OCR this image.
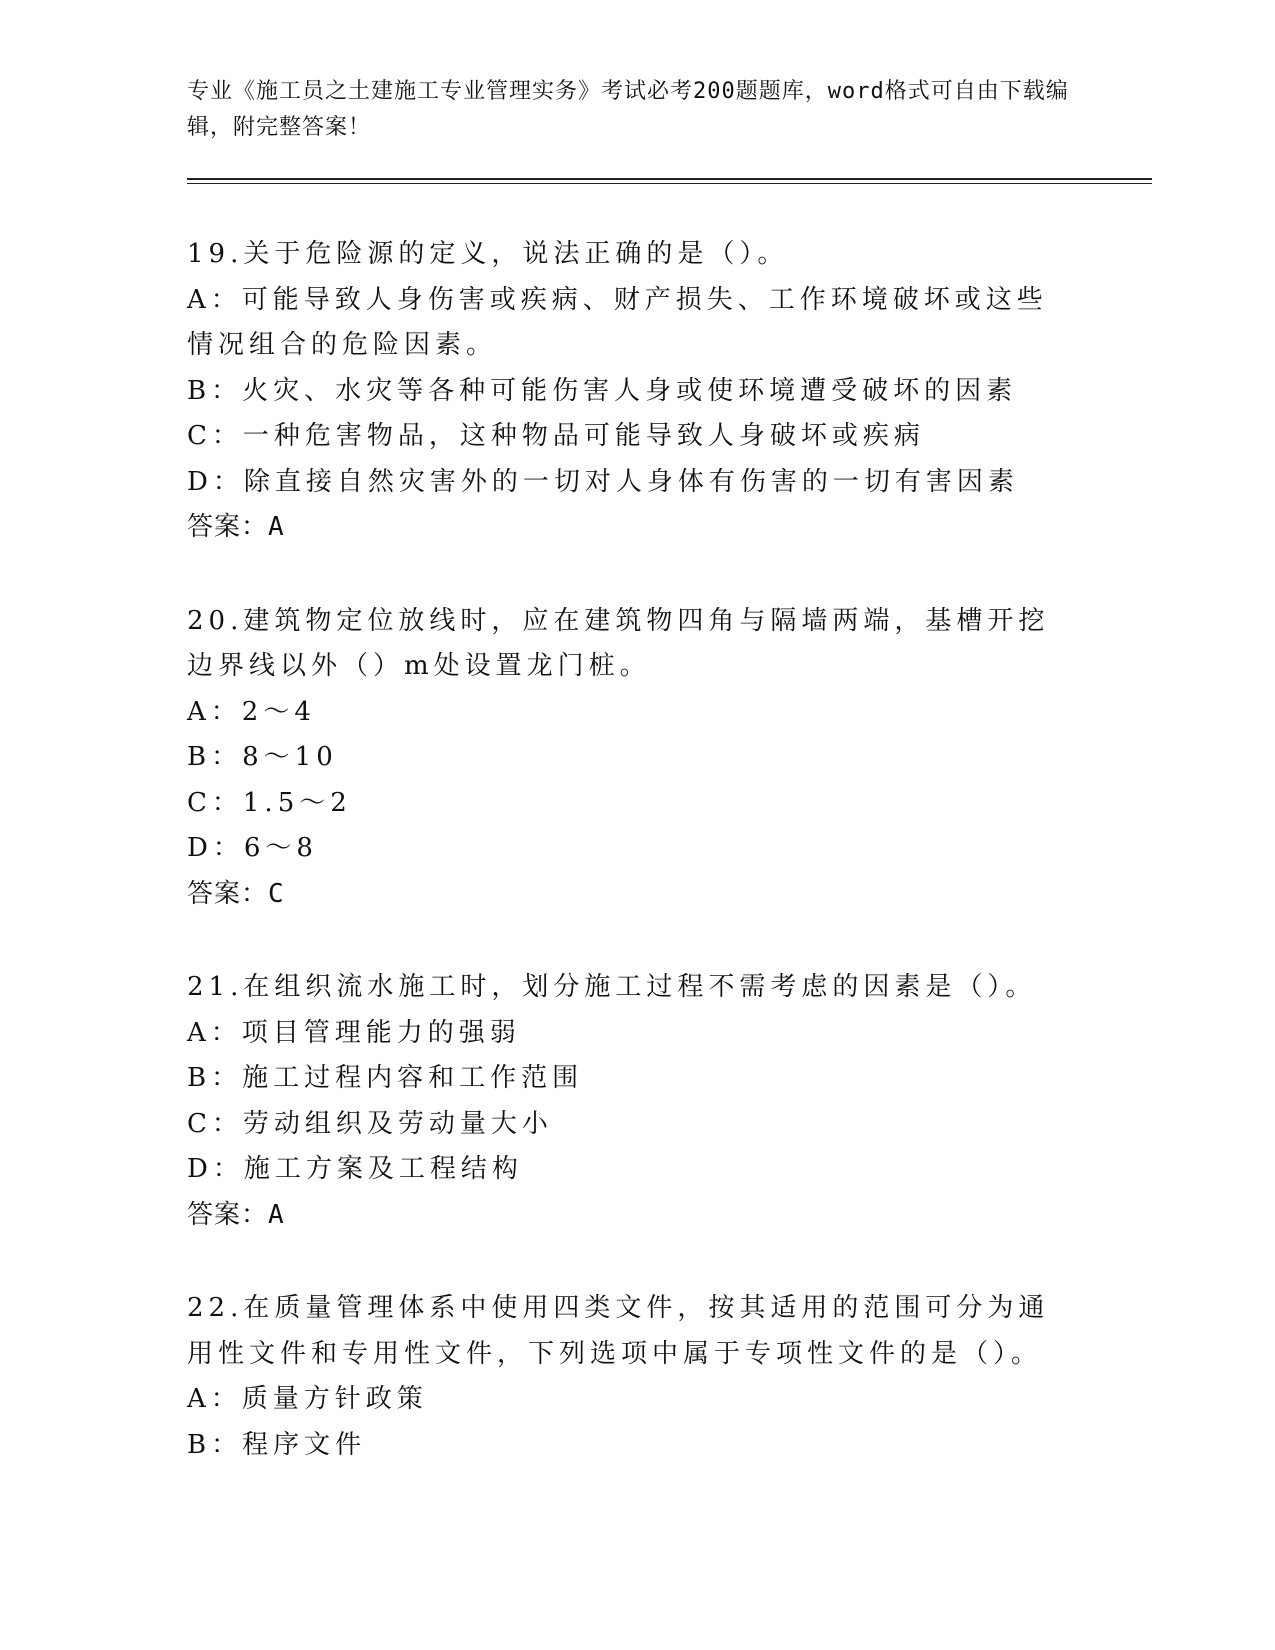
专业《施工员之土建施工专业管理实务》考试必考200题题库，word格式可自由下载编辑，附完整答案！

19.关于危险源的定义，说法正确的是（）。

A：可能导致人身伤害或疾病、财产损失、工作环境破坏或这些情况组合的危险因素。

B：火灾、水灾等各种可能伤害人身或使环境遭受破坏的因素

C：一种危害物品，这种物品可能导致人身破坏或疾病

D：除直接自然灾害外的一切对人身体有伤害的一切有害因素

答案：A

20.建筑物定位放线时，应在建筑物四角与隔墙两端，基槽开挖边界线以外（）m处设置龙门桩。

A：2～4

B：8～10

C：1.5～2

D：6～8

答案：C

21.在组织流水施工时，划分施工过程不需考虑的因素是（）。

A：项目管理能力的强弱

B：施工过程内容和工作范围

C：劳动组织及劳动量大小

D：施工方案及工程结构

答案：A

22.在质量管理体系中使用四类文件，按其适用的范围可分为通用性文件和专用性文件，下列选项中属于专项性文件的是（）。

A：质量方针政策

B：程序文件
